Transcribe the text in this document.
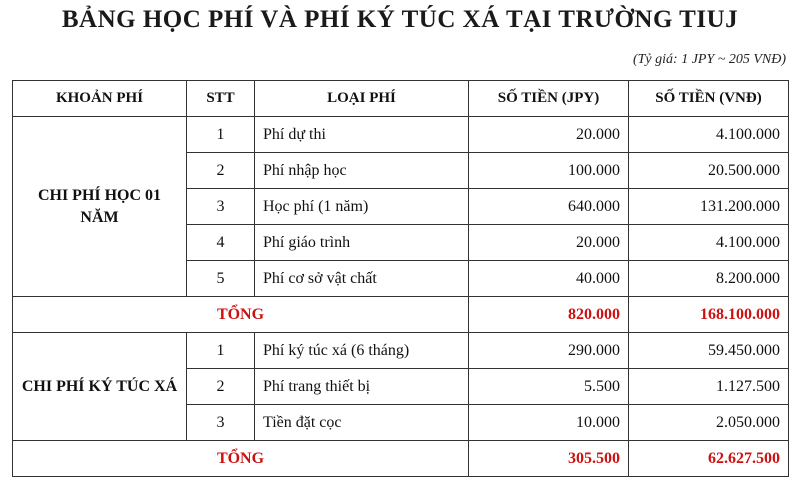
BẢNG HỌC PHÍ VÀ PHÍ KÝ TÚC XÁ TẠI TRƯỜNG TIUJ
(Tỷ giá: 1 JPY ~ 205 VNĐ)
KHOẢN PHÍ	STT	LOẠI PHÍ	SỐ TIỀN (JPY)	SỐ TIỀN (VNĐ)
CHI PHÍ HỌC 01 NĂM	1	Phí dự thi	20.000	4.100.000
	2	Phí nhập học	100.000	20.500.000
	3	Học phí (1 năm)	640.000	131.200.000
	4	Phí giáo trình	20.000	4.100.000
	5	Phí cơ sở vật chất	40.000	8.200.000
TỔNG			820.000	168.100.000
CHI PHÍ KÝ TÚC XÁ	1	Phí ký túc xá (6 tháng)	290.000	59.450.000
	2	Phí trang thiết bị	5.500	1.127.500
	3	Tiền đặt cọc	10.000	2.050.000
TỔNG			305.500	62.627.500
